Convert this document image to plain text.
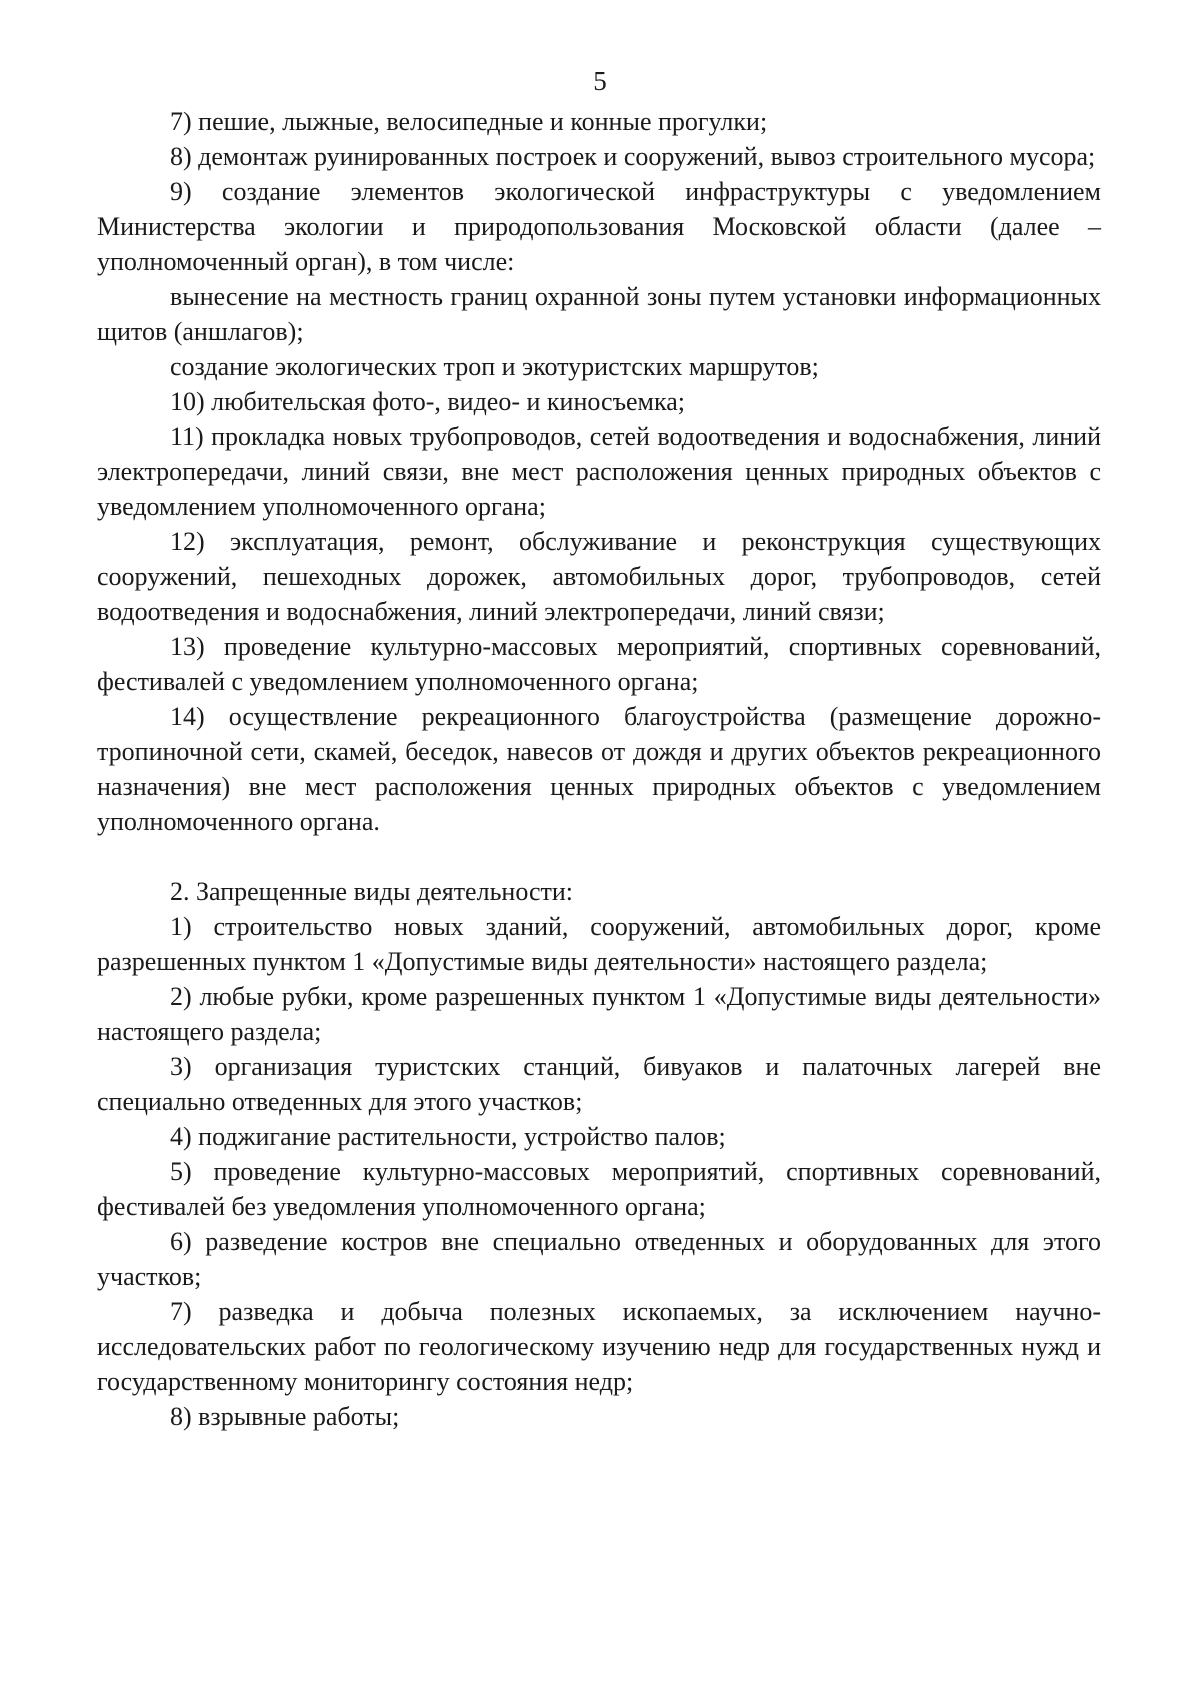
5

7) пешие, лыжные, велосипедные и конные прогулки;

8) демонтаж руинированных построек и сооружений, вывоз строительного мусора;

9) создание элементов экологической инфраструктуры с уведомлением Министерства экологии и природопользования Московской области (далее – уполномоченный орган), в том числе:

вынесение на местность границ охранной зоны путем установки информационных щитов (аншлагов);

создание экологических троп и экотуристских маршрутов;

10) любительская фото-, видео- и киносъемка;

11) прокладка новых трубопроводов, сетей водоотведения и водоснабжения, линий электропередачи, линий связи, вне мест расположения ценных природных объектов с уведомлением уполномоченного органа;

12) эксплуатация, ремонт, обслуживание и реконструкция существующих сооружений, пешеходных дорожек, автомобильных дорог, трубопроводов, сетей водоотведения и водоснабжения, линий электропередачи, линий связи;

13) проведение культурно-массовых мероприятий, спортивных соревнований, фестивалей с уведомлением уполномоченного органа;

14) осуществление рекреационного благоустройства (размещение дорожно-тропиночной сети, скамей, беседок, навесов от дождя и других объектов рекреационного назначения) вне мест расположения ценных природных объектов с уведомлением уполномоченного органа.

2. Запрещенные виды деятельности:

1) строительство новых зданий, сооружений, автомобильных дорог, кроме разрешенных пунктом 1 «Допустимые виды деятельности» настоящего раздела;

2) любые рубки, кроме разрешенных пунктом 1 «Допустимые виды деятельности» настоящего раздела;

3) организация туристских станций, бивуаков и палаточных лагерей вне специально отведенных для этого участков;

4) поджигание растительности, устройство палов;

5) проведение культурно-массовых мероприятий, спортивных соревнований, фестивалей без уведомления уполномоченного органа;

6) разведение костров вне специально отведенных и оборудованных для этого участков;

7) разведка и добыча полезных ископаемых, за исключением научно-исследовательских работ по геологическому изучению недр для государственных нужд и государственному мониторингу состояния недр;

8) взрывные работы;
